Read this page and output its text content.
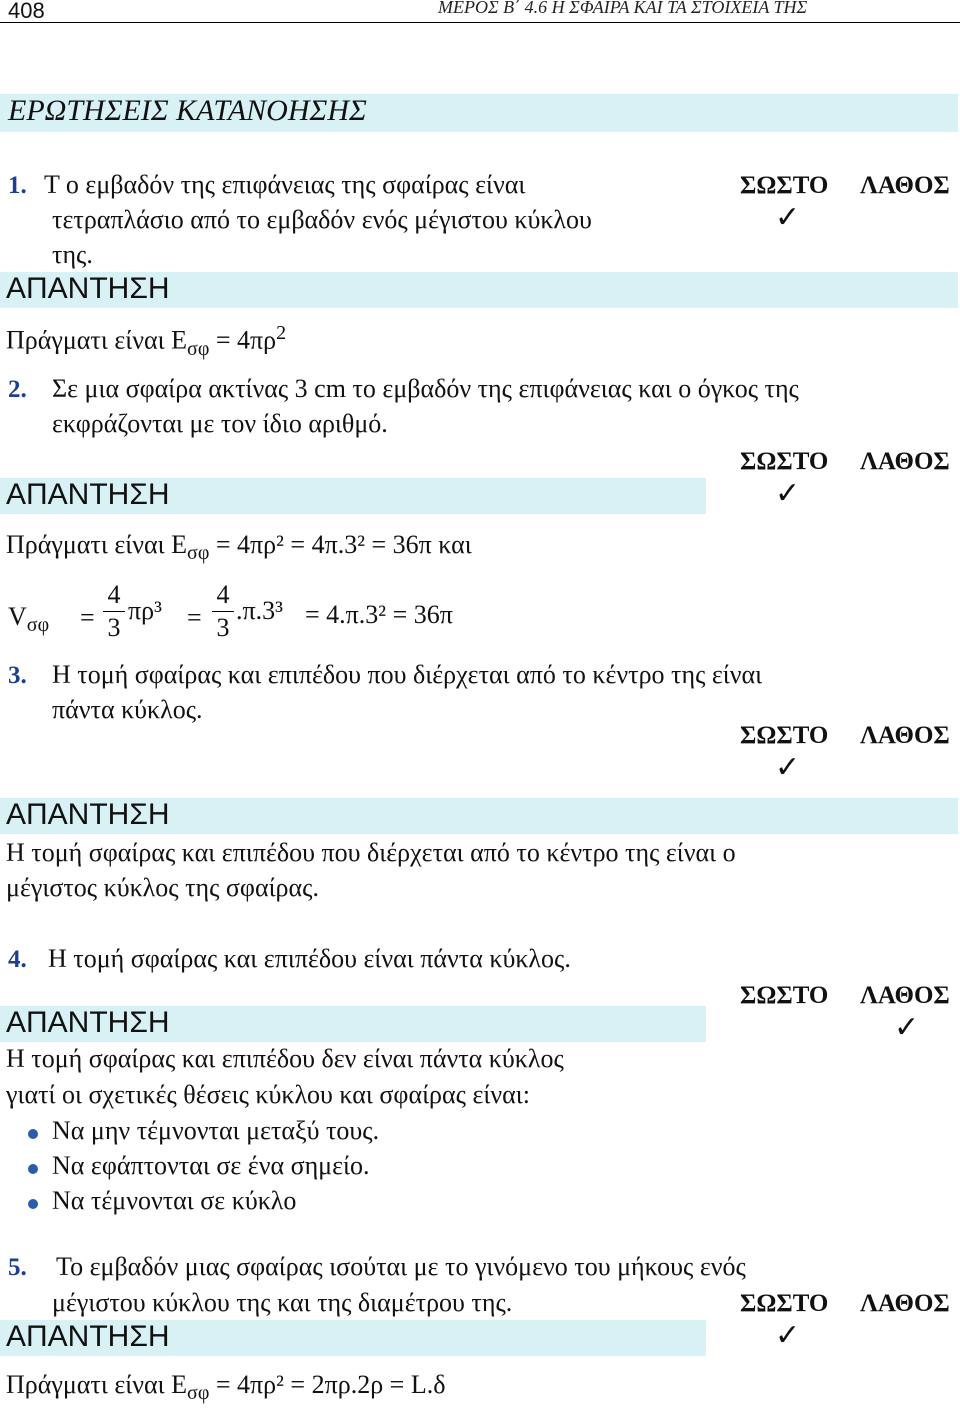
408	ΜΕΡΟΣ Β΄ 4.6 Η ΣΦΑΙΡΑ ΚΑΙ ΤΑ ΣΤΟΙΧΕΙΑ ΤΗΣ
ΕΡΩΤΗΣΕΙΣ ΚΑΤΑΝΟΗΣΗΣ
1. Τ ο εμβαδόν της επιφάνειας της σφαίρας είναι
τετραπλάσιο από το εμβαδόν ενός μέγιστου κύκλου
της.
ΣΩΣΤΟ ΛΑΘΟΣ
✓
ΑΠΑΝΤΗΣΗ
Πράγματι είναι $E_{\sigma\varphi} = 4\pi\rho^2$
2. Σε μια σφαίρα ακτίνας 3 cm το εμβαδόν της επιφάνειας και ο όγκος της
εκφράζονται με τον ίδιο αριθμό.
ΣΩΣΤΟ ΛΑΘΟΣ
✓
ΑΠΑΝΤΗΣΗ
Πράγματι είναι $E_{\sigma\varphi} = 4\pi\rho^2 = 4\pi.3^2 = 36\pi$ και
$V_{\sigma\varphi}$ =
4
3
πρ³ =
4
3
.π.3³ = 4.π.3² = 36π
3. Η τομή σφαίρας και επιπέδου που διέρχεται από το κέντρο της είναι
πάντα κύκλος.
ΣΩΣΤΟ ΛΑΘΟΣ
✓
ΑΠΑΝΤΗΣΗ
Η τομή σφαίρας και επιπέδου που διέρχεται από το κέντρο της είναι ο
μέγιστος κύκλος της σφαίρας.
4. Η τομή σφαίρας και επιπέδου είναι πάντα κύκλος.
ΣΩΣΤΟ ΛΑΘΟΣ
✓
ΑΠΑΝΤΗΣΗ
Η τομή σφαίρας και επιπέδου δεν είναι πάντα κύκλος
γιατί οι σχετικές θέσεις κύκλου και σφαίρας είναι:
Να μην τέμνονται μεταξύ τους.
Να εφάπτονται σε ένα σημείο.
Να τέμνονται σε κύκλο
5. Το εμβαδόν μιας σφαίρας ισούται με το γινόμενο του μήκους ενός
μέγιστου κύκλου της και της διαμέτρου της.	ΣΩΣΤΟ ΛΑΘΟΣ
✓
ΑΠΑΝΤΗΣΗ
Πράγματι είναι $E_{\sigma\varphi} = 4\pi\rho^2 = 2\pi\rho.2\rho = L.\delta$
